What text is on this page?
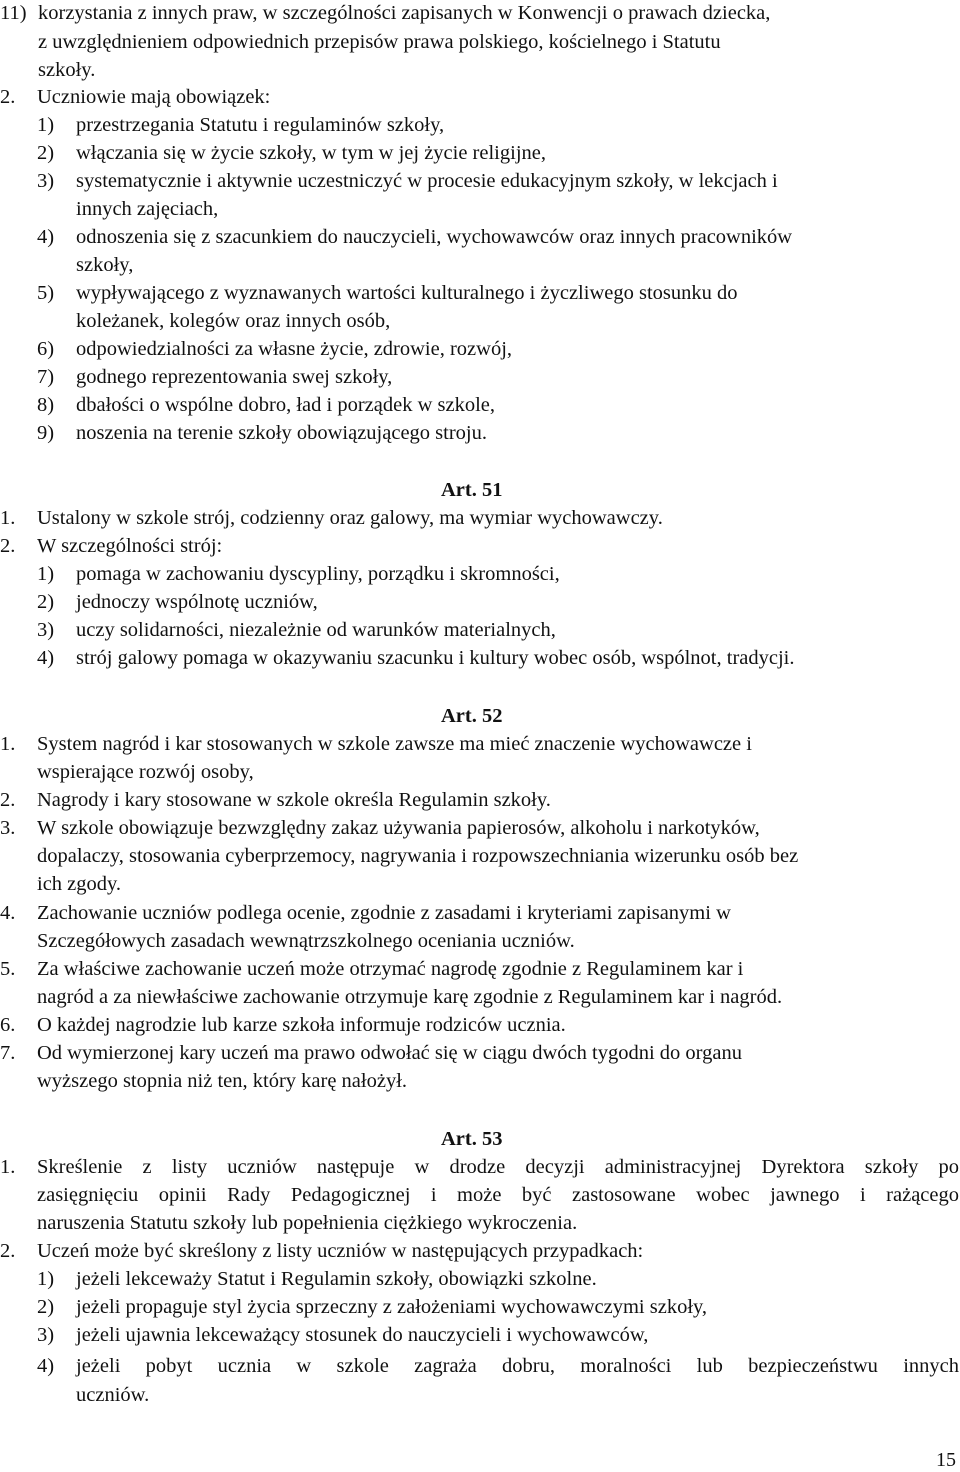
11) korzystania z innych praw, w szczególności zapisanych w Konwencji o prawach dziecka,
z uwzględnieniem odpowiednich przepisów prawa polskiego, kościelnego i Statutu
szkoły.
2. Uczniowie mają obowiązek:
1) przestrzegania Statutu i regulaminów szkoły,
2) włączania się w życie szkoły, w tym w jej życie religijne,
3) systematycznie i aktywnie uczestniczyć w procesie edukacyjnym szkoły, w lekcjach i
innych zajęciach,
4) odnoszenia się z szacunkiem do nauczycieli, wychowawców oraz innych pracowników
szkoły,
5) wypływającego z wyznawanych wartości kulturalnego i życzliwego stosunku do
koleżanek, kolegów oraz innych osób,
6) odpowiedzialności za własne życie, zdrowie, rozwój,
7) godnego reprezentowania swej szkoły,
8) dbałości o wspólne dobro, ład i porządek w szkole,
9) noszenia na terenie szkoły obowiązującego stroju.
Art. 51
1. Ustalony w szkole strój, codzienny oraz galowy, ma wymiar wychowawczy.
2. W szczególności strój:
1) pomaga w zachowaniu dyscypliny, porządku i skromności,
2) jednoczy wspólnotę uczniów,
3) uczy solidarności, niezależnie od warunków materialnych,
4) strój galowy pomaga w okazywaniu szacunku i kultury wobec osób, wspólnot, tradycji.
Art. 52
1. System nagród i kar stosowanych w szkole zawsze ma mieć znaczenie wychowawcze i
wspierające rozwój osoby,
2. Nagrody i kary stosowane w szkole określa Regulamin szkoły.
3. W szkole obowiązuje bezwzględny zakaz używania papierosów, alkoholu i narkotyków,
dopalaczy, stosowania cyberprzemocy, nagrywania i rozpowszechniania wizerunku osób bez
ich zgody.
4. Zachowanie uczniów podlega ocenie, zgodnie z zasadami i kryteriami zapisanymi w
Szczegółowych zasadach wewnątrzszkolnego oceniania uczniów.
5. Za właściwe zachowanie uczeń może otrzymać nagrodę zgodnie z Regulaminem kar i
nagród a za niewłaściwe zachowanie otrzymuje karę zgodnie z Regulaminem kar i nagród.
6. O każdej nagrodzie lub karze szkoła informuje rodziców ucznia.
7. Od wymierzonej kary uczeń ma prawo odwołać się w ciągu dwóch tygodni do organu
wyższego stopnia niż ten, który karę nałożył.
Art. 53
1. Skreślenie z listy uczniów następuje w drodze decyzji administracyjnej Dyrektora szkoły po
zasięgnięciu opinii Rady Pedagogicznej i może być zastosowane wobec jawnego i rażącego
naruszenia Statutu szkoły lub popełnienia ciężkiego wykroczenia.
2. Uczeń może być skreślony z listy uczniów w następujących przypadkach:
1) jeżeli lekceważy Statut i Regulamin szkoły, obowiązki szkolne.
2) jeżeli propaguje styl życia sprzeczny z założeniami wychowawczymi szkoły,
3) jeżeli ujawnia lekceważący stosunek do nauczycieli i wychowawców,
4) jeżeli pobyt ucznia w szkole zagraża dobru, moralności lub bezpieczeństwu innych
uczniów.
15
